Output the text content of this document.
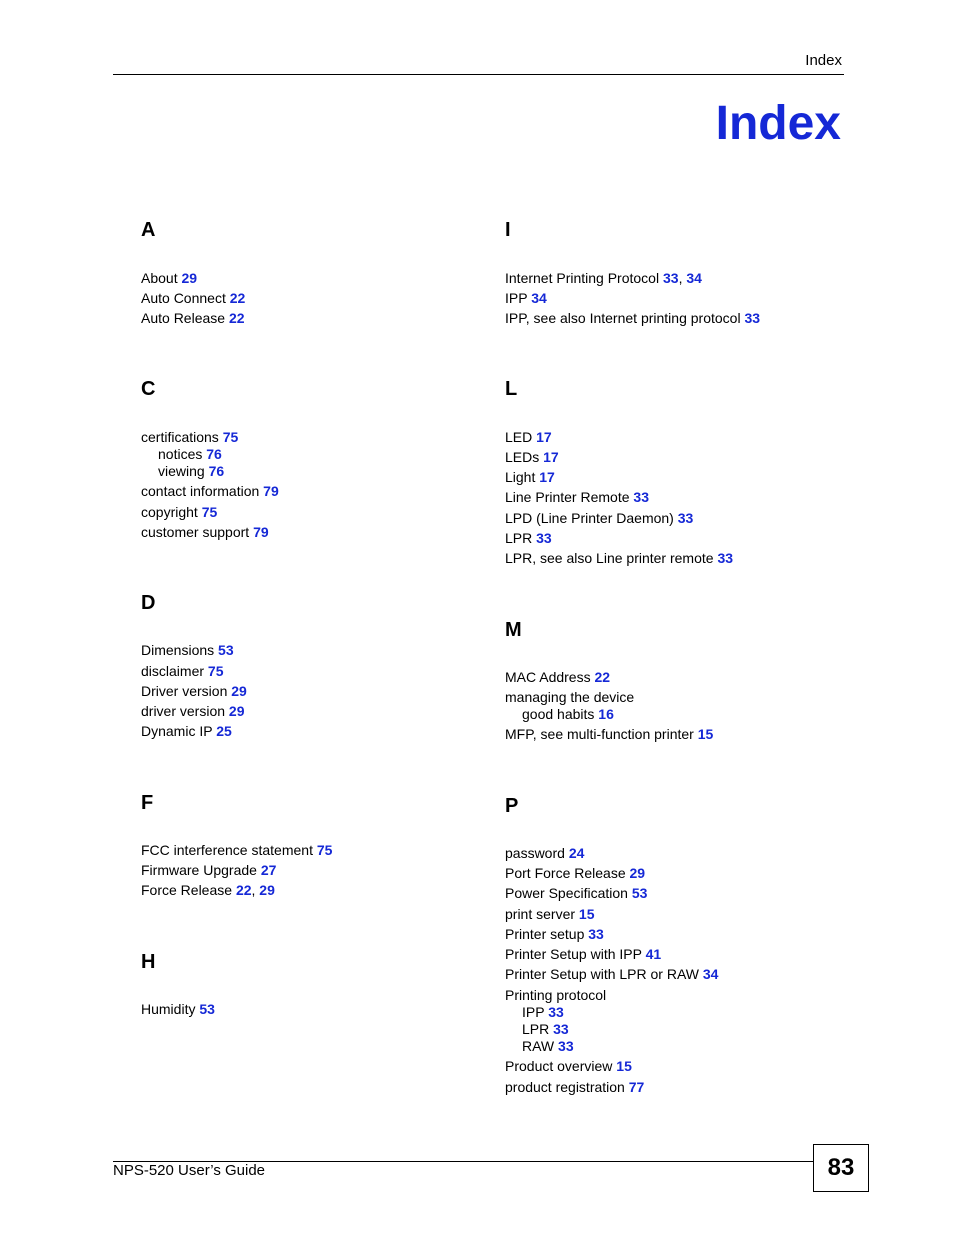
Index
Index
A
About 29
Auto Connect 22
Auto Release 22
C
certifications 75
notices 76
viewing 76
contact information 79
copyright 75
customer support 79
D
Dimensions 53
disclaimer 75
Driver version 29
driver version 29
Dynamic IP 25
F
FCC interference statement 75
Firmware Upgrade 27
Force Release 22, 29
H
Humidity 53
I
Internet Printing Protocol 33, 34
IPP 34
IPP, see also Internet printing protocol 33
L
LED 17
LEDs 17
Light 17
Line Printer Remote 33
LPD (Line Printer Daemon) 33
LPR 33
LPR, see also Line printer remote 33
M
MAC Address 22
managing the device
good habits 16
MFP, see multi-function printer 15
P
password 24
Port Force Release 29
Power Specification 53
print server 15
Printer setup 33
Printer Setup with IPP 41
Printer Setup with LPR or RAW 34
Printing protocol
IPP 33
LPR 33
RAW 33
Product overview 15
product registration 77
NPS-520 User’s Guide	83
